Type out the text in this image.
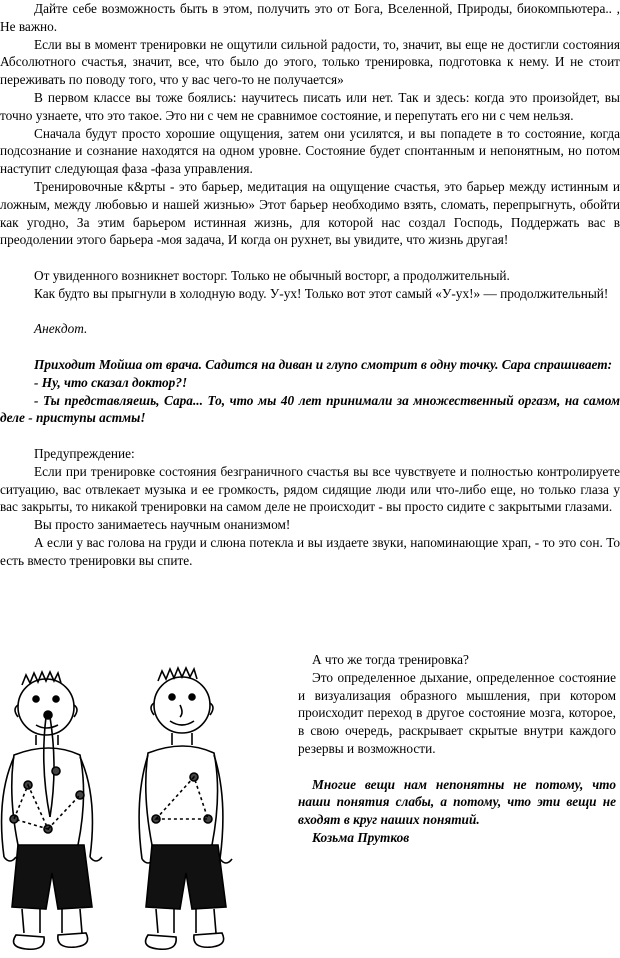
Дайте себе возможность быть в этом, получить это от Бога, Вселенной, Природы, биокомпьютера.. , Не важно.

Если вы в момент тренировки не ощутили сильной радости, то, значит, вы еще не достигли состояния Абсолютного счастья, значит, все, что было до этого, только тренировка, подготовка к нему. И не стоит переживать по поводу того, что у вас чего-то не получается»

В первом классе вы тоже боялись: научитесь писать или нет. Так и здесь: когда это произойдет, вы точно узнаете, что это такое. Это ни с чем не сравнимое состояние, и перепутать его ни с чем нельзя.

Сначала будут просто хорошие ощущения, затем они усилятся, и вы попадете в то состояние, когда подсознание и сознание находятся на одном уровне. Состояние будет спонтанным и непонятным, но потом наступит следующая фаза -фаза управления.

Тренировочные к&рты - это барьер, медитация на ощущение счастья, это барьер между истинным и ложным, между любовью и нашей жизнью» Этот барьер необходимо взять, сломать, перепрыгнуть, обойти как угодно, За этим барьером истинная жизнь, для которой нас создал Господь, Поддержать вас в преодолении этого барьера -моя задача, И когда он рухнет, вы увидите, что жизнь другая!

От увиденного возникнет восторг. Только не обычный восторг, а продолжительный.

Как будто вы прыгнули в холодную воду. У-ух! Только вот этот самый «У-ух!» — продолжительный!

Анекдот.

Приходит Мойша от врача. Садится на диван и глупо смотрит в одну точку. Сара спрашивает:

- Ну, что сказал доктор?!

- Ты представляешь, Сара... То, что мы 40 лет принимали за множественный оргазм, на самом деле - приступы астмы!

Предупреждение:

Если при тренировке состояния безграничного счастья вы все чувствуете и полностью контролируете ситуацию, вас отвлекает музыка и ее громкость, рядом сидящие люди или что-либо еще, но только глаза у вас закрыты, то никакой тренировки на самом деле не происходит - вы просто сидите с закрытыми глазами.

Вы просто занимаетесь научным онанизмом!

А если у вас голова на груди и слюна потекла и вы издаете звуки, напоминающие храп, - то это сон. То есть вместо тренировки вы спите.

А что же тогда тренировка?

Это определенное дыхание, определенное состояние и визуализация образного мышления, при котором происходит переход в другое состояние мозга, которое, в свою очередь, раскрывает скрытые внутри каждого резервы и возможности.

Многие вещи нам непонятны не потому, что наши понятия слабы, а потому, что эти вещи не входят в круг наших понятий.

Козьма Прутков
